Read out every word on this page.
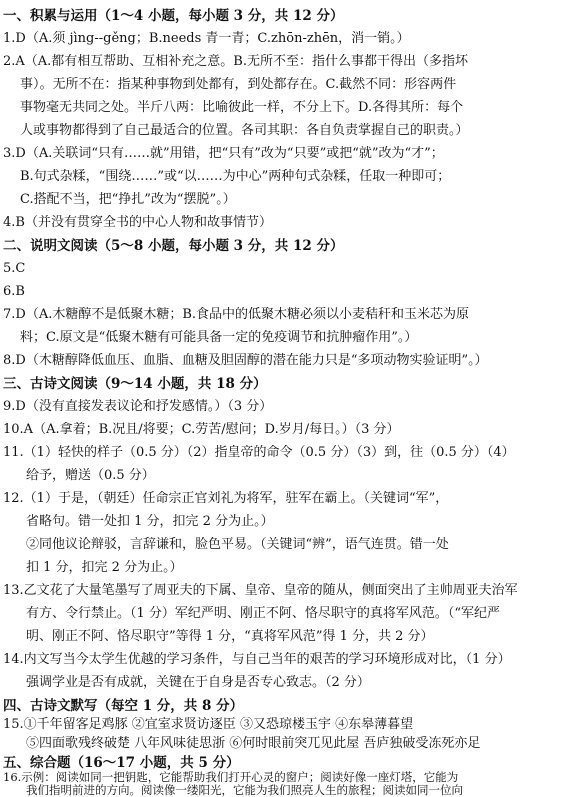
一、积累与运用（1～4 小题，每小题 3 分，共 12 分）
1.D（A.须 jìng--gěng；B.needs 青一青；C.zhōn-zhēn，消一销。）
2.A（A.都有相互帮助、互相补充之意。B.无所不至：指什么事都干得出（多指坏
事）。无所不在：指某种事物到处都有，到处都存在。C.截然不同：形容两件
事物毫无共同之处。半斤八两：比喻彼此一样，不分上下。D.各得其所：每个
人或事物都得到了自己最适合的位置。各司其职：各自负责掌握自己的职责。）
3.D（A.关联词“只有……就”用错，把“只有”改为“只要”或把“就”改为“才”；
B.句式杂糅，“围绕……”或“以……为中心”两种句式杂糅，任取一种即可；
C.搭配不当，把“挣扎”改为“摆脱”。）
4.B（并没有贯穿全书的中心人物和故事情节）
二、说明文阅读（5～8 小题，每小题 3 分，共 12 分）
5.C
6.B
7.D（A.木糖醇不是低聚木糖；B.食品中的低聚木糖必须以小麦秸秆和玉米芯为原
料；C.原文是“低聚木糖有可能具备一定的免疫调节和抗肿瘤作用”。）
8.D（木糖醇降低血压、血脂、血糖及胆固醇的潜在能力只是“多项动物实验证明”。）
三、古诗文阅读（9～14 小题，共 18 分）
9.D（没有直接发表议论和抒发感情。）（3 分）
10.A（A.拿着；B.况且/将要；C.劳苦/慰问；D.岁月/每日。）（3 分）
11.（1）轻快的样子（0.5 分）（2）指皇帝的命令（0.5 分）（3）到，往（0.5 分）（4）
给予，赠送（0.5 分）
12.（1）于是，（朝廷）任命宗正官刘礼为将军，驻军在霸上。（关键词“军”，
省略句。错一处扣 1 分，扣完 2 分为止。）
②同他议论辩驳，言辞谦和，脸色平易。（关键词“辨”，语气连贯。错一处
扣 1 分，扣完 2 分为止。）
13.乙文花了大量笔墨写了周亚夫的下属、皇帝、皇帝的随从，侧面突出了主帅周亚夫治军
有方、令行禁止。（1 分）军纪严明、刚正不阿、恪尽职守的真将军风范。（“军纪严
明、刚正不阿、恪尽职守”等得 1 分，“真将军风范”得 1 分，共 2 分）
14.内文写当今太学生优越的学习条件，与自己当年的艰苦的学习环境形成对比，（1 分）
强调学业是否有成就，关键在于自身是否专心致志。（2 分）
四、古诗文默写（每空 1 分，共 8 分）
15.①千年留客足鸡豚 ②宜室求贤访逐臣 ③又恐琼楼玉宇 ④东皋薄暮望
⑤四面歌残终破楚 八年风味徒思浙 ⑥何时眼前突兀见此屋 吾庐独破受冻死亦足
五、综合题（16～17 小题，共 5 分）
16.示例：阅读如同一把钥匙，它能帮助我们打开心灵的窗户；阅读好像一座灯塔，它能为
我们指明前进的方向。阅读像一缕阳光，它能为我们照亮人生的旅程；阅读如同一位向
